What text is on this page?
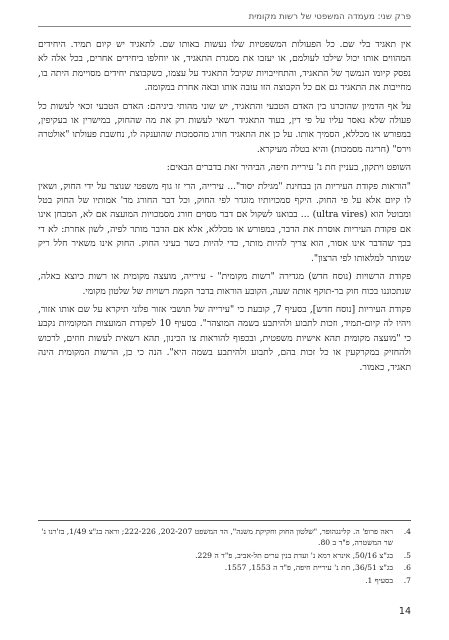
פרק שני: מעמדה המשפטי של רשות מקומית

אין תאגיד בלי שם. כל הפעולות המשפטיות שלו נעשות באותו שם. לתאגיד יש קיום תמיד. היחידים המהווים אותו יכול שילכו לעולמם, או יעזבו את מסגרת התאגיד, או יוחלפו ביחידים אחרים, בכל אלה לא נפסק קיומו הנמשך של התאגיד, והתחייבויות שקיבל התאגיד על עצמו, כשקבוצת יחידים מסויימת היתה בו, מחייבות את התאגיד גם אם כל הקבוצה הזו עזבה אותו ובאה אחרת במקומה.

על אף הדמיון שהזכרנו בין האדם הטבעי והתאגיד, יש שוני מהותי ביניהם: האדם הטבעי זכאי לעשות כל פעולה שלא נאסר עליו על פי דין, בעוד התאגיד רשאי לעשות רק את מה שהחוק, במישרין או בעקיפין, במפורש או מכללא, הסמיך אותו. על כן את התאגיד חורג מהסמכות שהוענקה לו, נחשבת פעולתו "אולטרה וירס" (חריגה מסמכות) והיא בטלה מעיקרא.

השופט ויתקון, בעניין חת נ' עיריית חיפה, הביהיר זאת בדברים הבאים:

"הוראות פקודת העיריות הן בבחינת "מגילת יסוד"... עירייה, הרי זו גוף משפטי שנוצר על ידי החוק, ושאין לו קיום אלא על פי החוק. היקף סמכויותיו מוגדר לפי החוק, וכל דבר החורג מד' אמותיו של החוק בטל ומבוטל הוא (ultra vires) ... בבואנו לשקול אם דבר מסוים חורג מסמכויות המועצה אם לא, המבחן אינו אם פקודת העיריות אוסרת את הדבר, במפורש או מכללא, אלא אם הדבר מותר לפיה, לשון אחרת: לא די בכך שהדבר אינו אסור, הוא צריך להיות מותר, כדי להיות כשר בעיני החוק. החוק אינו משאיר חלל ריק שמותר למלאותו לפי הרצון".

פקודת הרשויות (נוסח חדש) מגדירה "רשות מקומית" - עירייה, מועצה מקומית או רשות כיוצא באלה, שנתכוננו בכוח חוק בר-תוקף אותה שעה, הקובע הוראות בדבר הקמת רשויות של שלטון מקומי.

פקודת העיריות [נוסח חדש], בסעיף 7, קובעת כי "עירייה של תושבי אזור פלוני תיקרא על שם אותו אזור, ויהיו לה קיום-תמיד, וזכות לתבוע ולהיתבע בשמה המוצהר". בסעיף 10 לפקודת המועצות המקומיות נקבע כי "מועצה מקומית תהא אישיות משפטית, ובכפוף להוראות צו הכינון, תהא רשאית לעשות חוזים, לרכוש ולהחזיק במקרקעין או כל זכות בהם, לתבוע ולהיתבע בשמה היא". הנה כי כן, הרשות המקומית הינה תאגיד, כאמור.

4.
ראה פרופ' ה. קלינגהופר, "שלטון החוק וחקיקת משנה", הד המשפט 202-207, 222-226; וראה בג"צ 1/49, בז'רנו נ' שר המשטרה, פ"ד ב 80.
5.
בג"צ 50/16, אינרא רמא נ' ועדת בנין ערים תל-אביב, פ"ד ה 229.
6.
בג"צ 36/51, חת נ' עיריית חיפה, פ"ד ה 1553, 1557.
7.
בסעיף 1.
14
